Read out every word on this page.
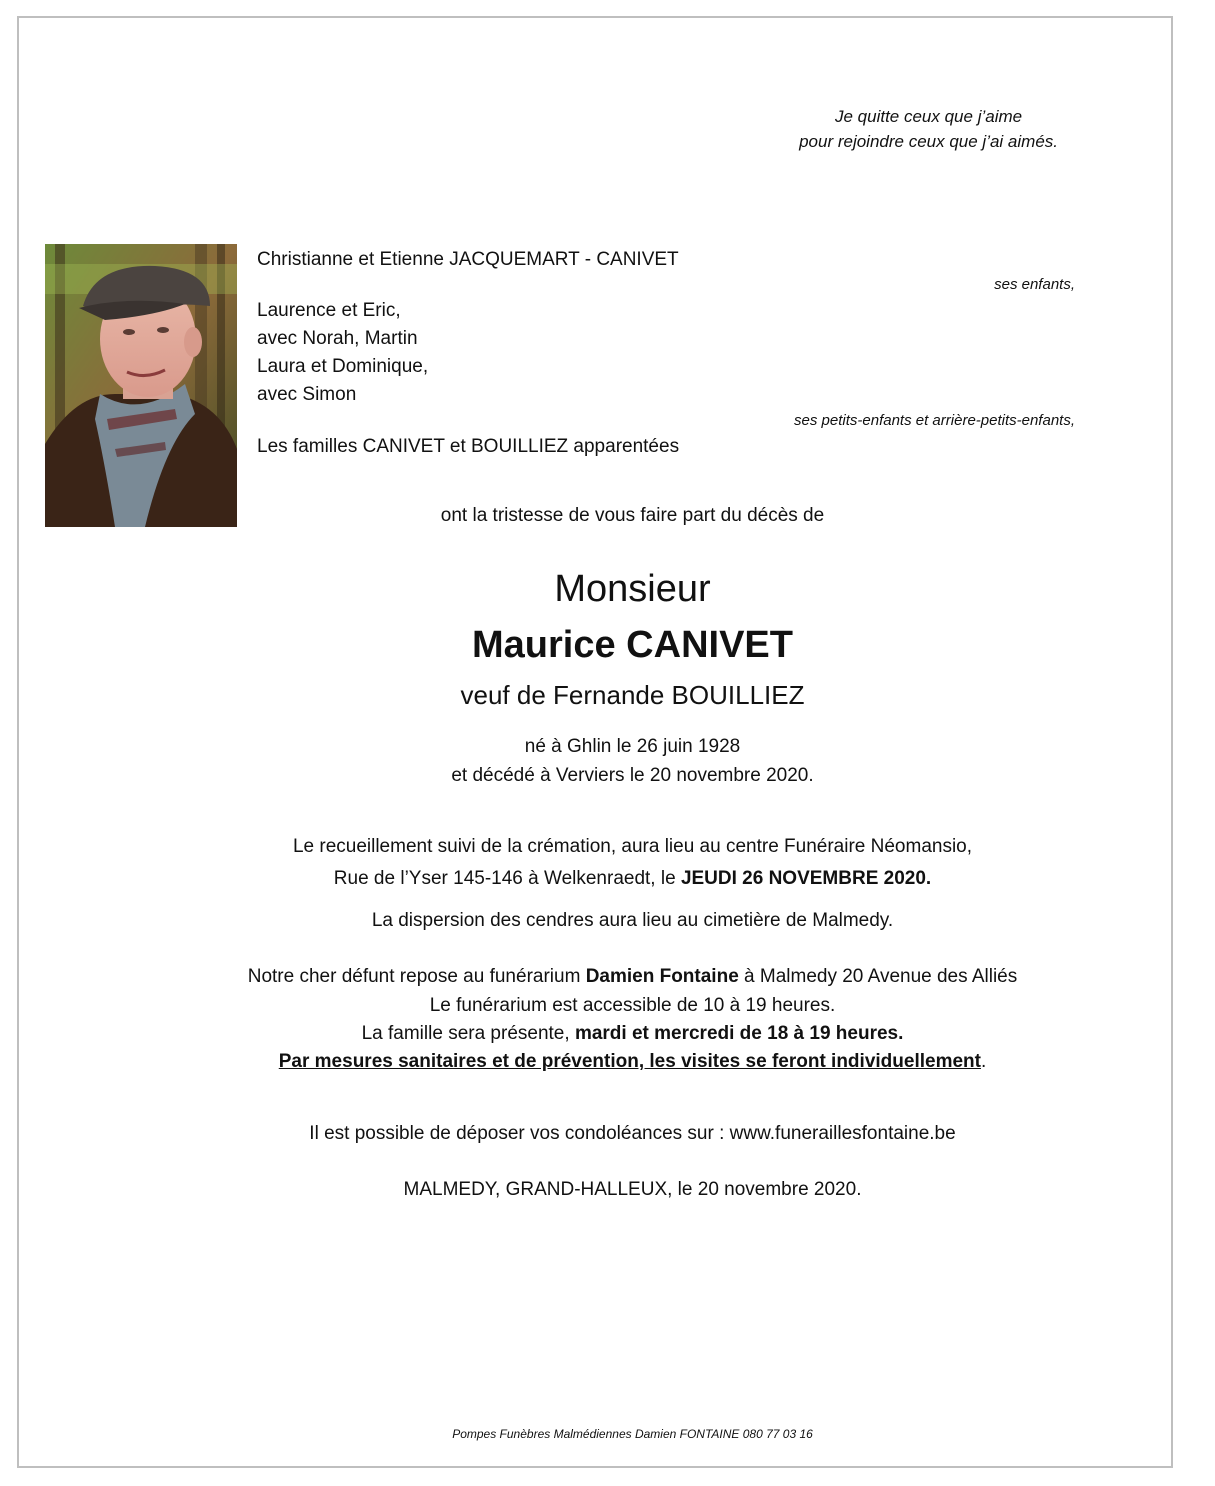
Je quitte ceux que j’aime
pour rejoindre ceux que j’ai aimés.
Christianne et Etienne JACQUEMART - CANIVET
ses enfants,
Laurence et Eric,
avec Norah, Martin
Laura et Dominique,
avec Simon
ses petits-enfants et arrière-petits-enfants,
Les familles CANIVET et BOUILLIEZ apparentées
ont la tristesse de vous faire part du décès de
Monsieur
Maurice CANIVET
veuf de Fernande BOUILLIEZ
né à Ghlin le 26 juin 1928
et décédé à Verviers le 20 novembre 2020.
Le recueillement suivi de la crémation, aura lieu au centre Funéraire Néomansio,
Rue de l’Yser 145-146 à Welkenraedt, le JEUDI 26 NOVEMBRE 2020.
La dispersion des cendres aura lieu au cimetière de Malmedy.
Notre cher défunt repose au funérarium Damien Fontaine à Malmedy 20 Avenue des Alliés
Le funérarium est accessible de 10 à 19 heures.
La famille sera présente, mardi et mercredi de 18 à 19 heures.
Par mesures sanitaires et de prévention, les visites se feront individuellement.
Il est possible de déposer vos condoléances sur : www.funeraillesfontaine.be
MALMEDY, GRAND-HALLEUX, le 20 novembre 2020.
Pompes Funèbres Malmédiennes Damien FONTAINE 080 77 03 16
